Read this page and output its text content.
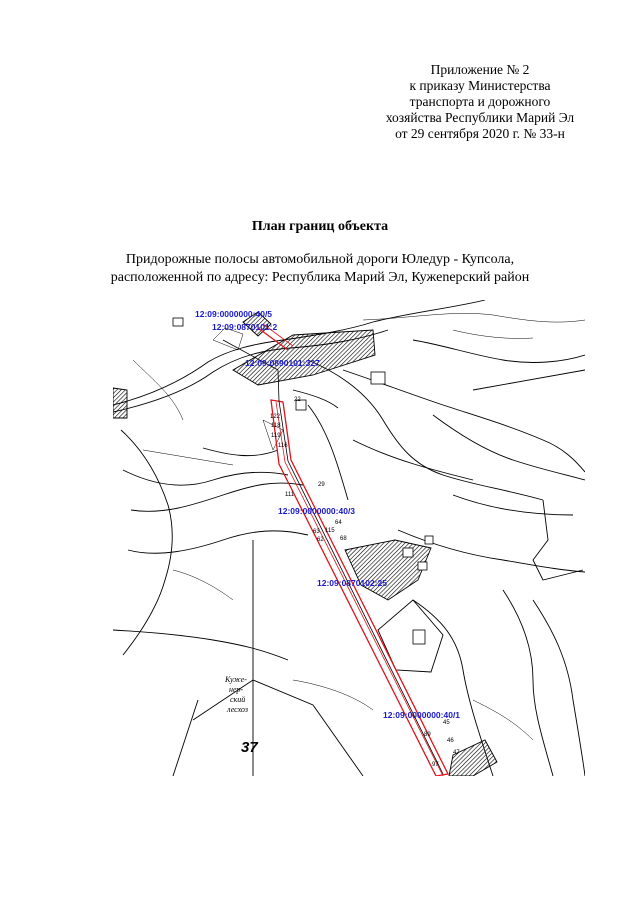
Приложение № 2
к приказу Министерства
транспорта и дорожного
хозяйства Республики Марий Эл
от 29 сентября 2020 г. № 33-н
План границ объекта
Придорожные полосы автомобильной дороги Юледур - Купсола,
расположенной по адресу: Республика Марий Эл, Кужenерский район
12:09:0000000:40/5
12:09:0870101:2
12:09:0890101:327
12:09:0000000:40/3
12:09:0870102:25
12:09:0000000:40/1
22
122
118
119
116
29
111
64
115
63
62	68
45
89
46
47
97
Куже-
нер-
ский
лесхоз
37
